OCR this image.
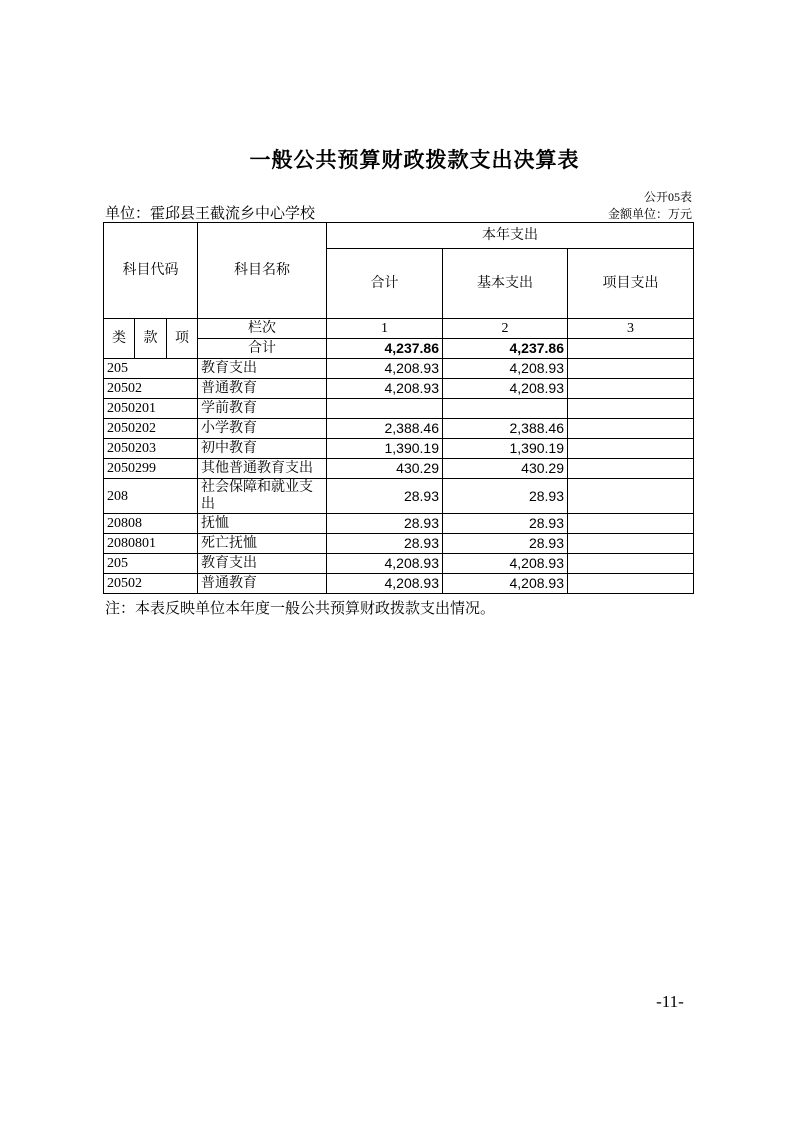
一般公共预算财政拨款支出决算表
公开05表
单位：霍邱县王截流乡中心学校	金额单位：万元
科目代码			科目名称	本年支出		
				合计	基本支出	项目支出
类	款	项	栏次	1	2	3
			合计	4,237.86	4,237.86	
205			教育支出	4,208.93	4,208.93	
20502			普通教育	4,208.93	4,208.93	
2050201			学前教育			
2050202			小学教育	2,388.46	2,388.46	
2050203			初中教育	1,390.19	1,390.19	
2050299			其他普通教育支出	430.29	430.29	
208			社会保障和就业支出	28.93	28.93	
20808			抚恤	28.93	28.93	
2080801			死亡抚恤	28.93	28.93	
205			教育支出	4,208.93	4,208.93	
20502			普通教育	4,208.93	4,208.93	
注：本表反映单位本年度一般公共预算财政拨款支出情况。
-11-
